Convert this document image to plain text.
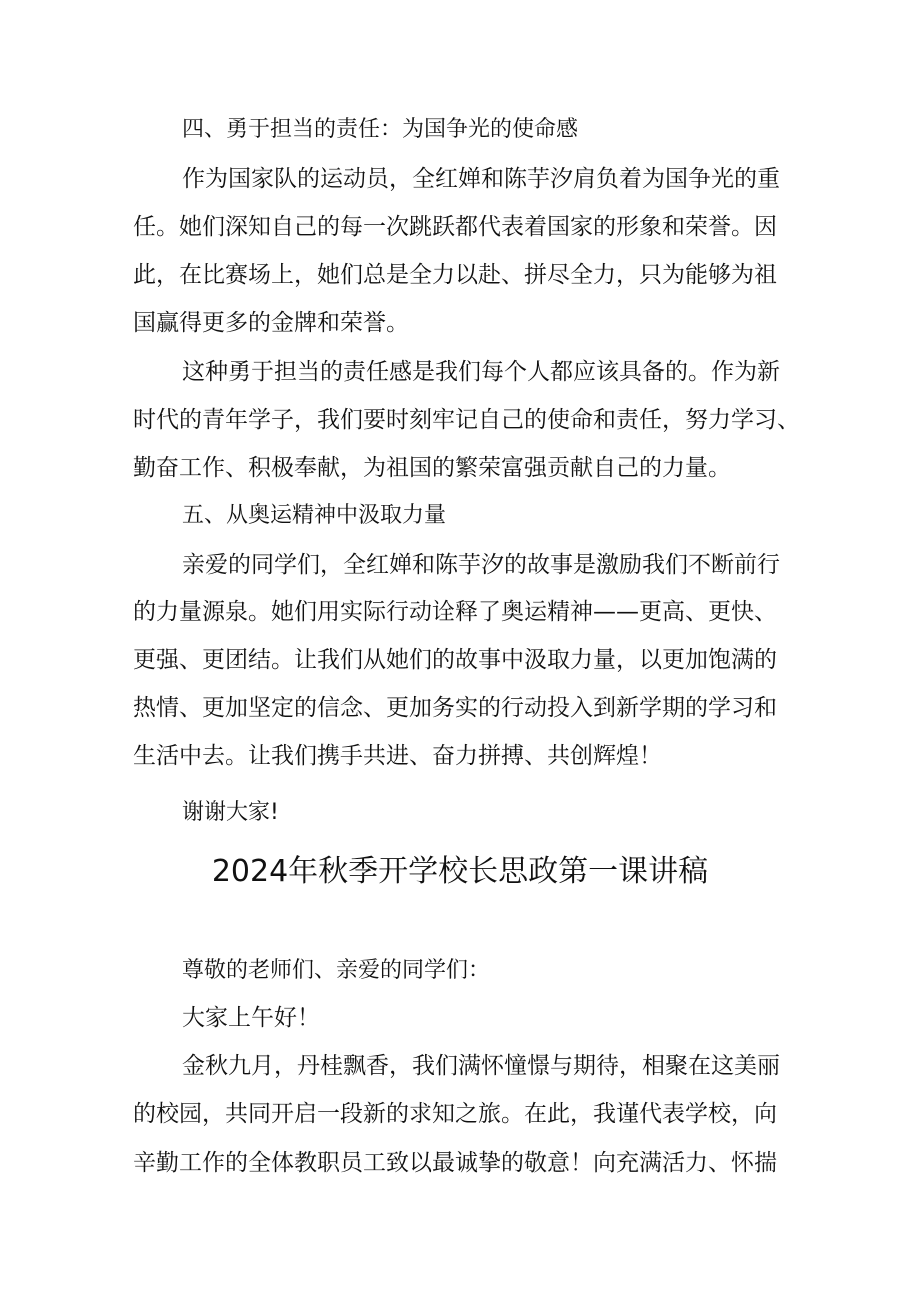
四、勇于担当的责任：为国争光的使命感
作为国家队的运动员，全红婵和陈芋汐肩负着为国争光的重
任。她们深知自己的每一次跳跃都代表着国家的形象和荣誉。因
此，在比赛场上，她们总是全力以赴、拼尽全力，只为能够为祖
国赢得更多的金牌和荣誉。
这种勇于担当的责任感是我们每个人都应该具备的。作为新
时代的青年学子，我们要时刻牢记自己的使命和责任，努力学习、
勤奋工作、积极奉献，为祖国的繁荣富强贡献自己的力量。
五、从奥运精神中汲取力量
亲爱的同学们，全红婵和陈芋汐的故事是激励我们不断前行
的力量源泉。她们用实际行动诠释了奥运精神——更高、更快、
更强、更团结。让我们从她们的故事中汲取力量，以更加饱满的
热情、更加坚定的信念、更加务实的行动投入到新学期的学习和
生活中去。让我们携手共进、奋力拼搏、共创辉煌！
谢谢大家!
2024年秋季开学校长思政第一课讲稿
尊敬的老师们、亲爱的同学们：
大家上午好！
金秋九月，丹桂飘香，我们满怀憧憬与期待，相聚在这美丽
的校园，共同开启一段新的求知之旅。在此，我谨代表学校，向
辛勤工作的全体教职员工致以最诚挚的敬意！向充满活力、怀揣
